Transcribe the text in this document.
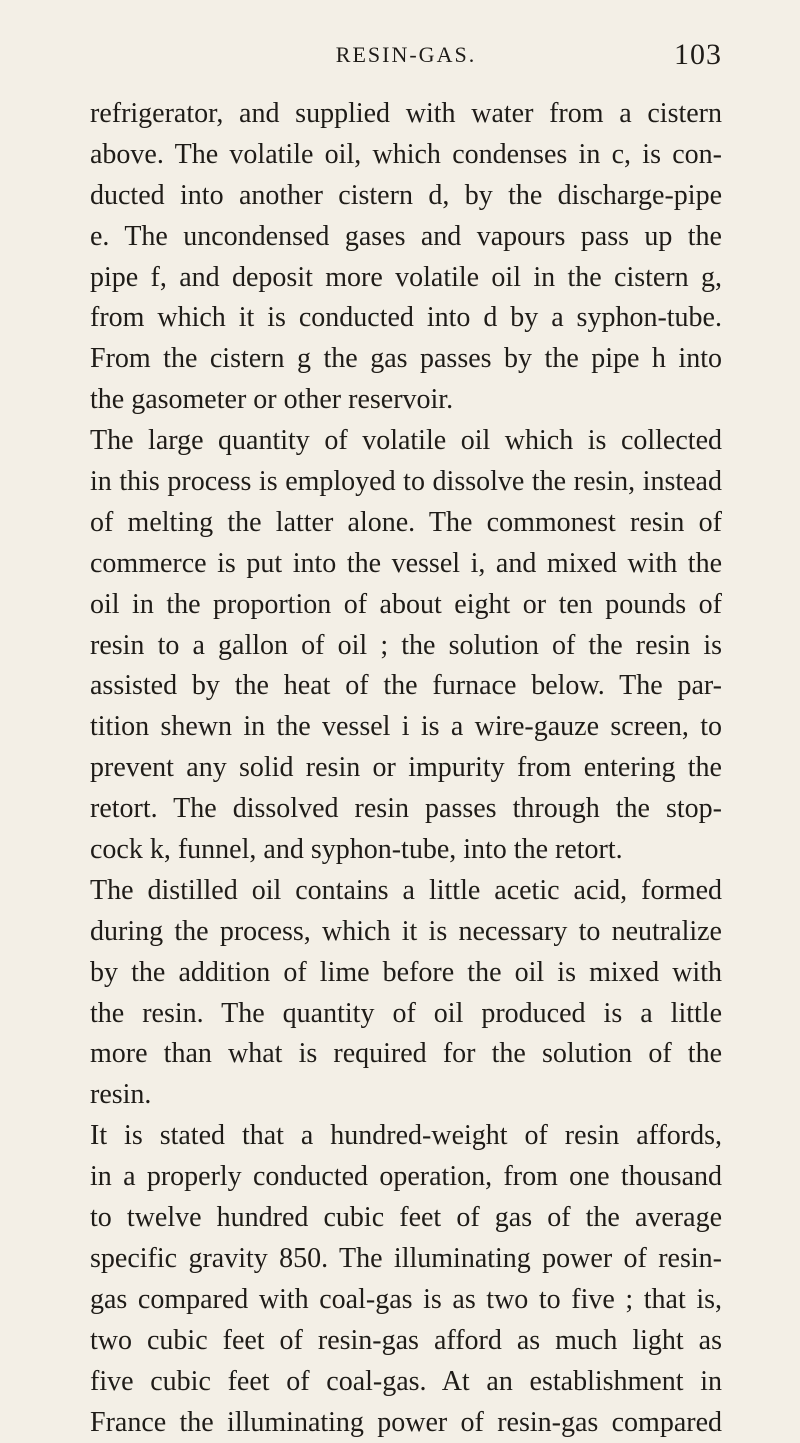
RESIN-GAS.	103
refrigerator, and supplied with water from a cistern
above. The volatile oil, which condenses in c, is con-
ducted into another cistern d, by the discharge-pipe
e. The uncondensed gases and vapours pass up the
pipe f, and deposit more volatile oil in the cistern g,
from which it is conducted into d by a syphon-tube.
From the cistern g the gas passes by the pipe h into
the gasometer or other reservoir.
The large quantity of volatile oil which is collected
in this process is employed to dissolve the resin, instead
of melting the latter alone. The commonest resin of
commerce is put into the vessel i, and mixed with the
oil in the proportion of about eight or ten pounds of
resin to a gallon of oil ; the solution of the resin is
assisted by the heat of the furnace below. The par-
tition shewn in the vessel i is a wire-gauze screen, to
prevent any solid resin or impurity from entering the
retort. The dissolved resin passes through the stop-
cock k, funnel, and syphon-tube, into the retort.
The distilled oil contains a little acetic acid, formed
during the process, which it is necessary to neutralize
by the addition of lime before the oil is mixed with
the resin. The quantity of oil produced is a little
more than what is required for the solution of the
resin.
It is stated that a hundred-weight of resin affords,
in a properly conducted operation, from one thousand
to twelve hundred cubic feet of gas of the average
specific gravity 850. The illuminating power of resin-
gas compared with coal-gas is as two to five ; that is,
two cubic feet of resin-gas afford as much light as
five cubic feet of coal-gas. At an establishment in
France the illuminating power of resin-gas compared
